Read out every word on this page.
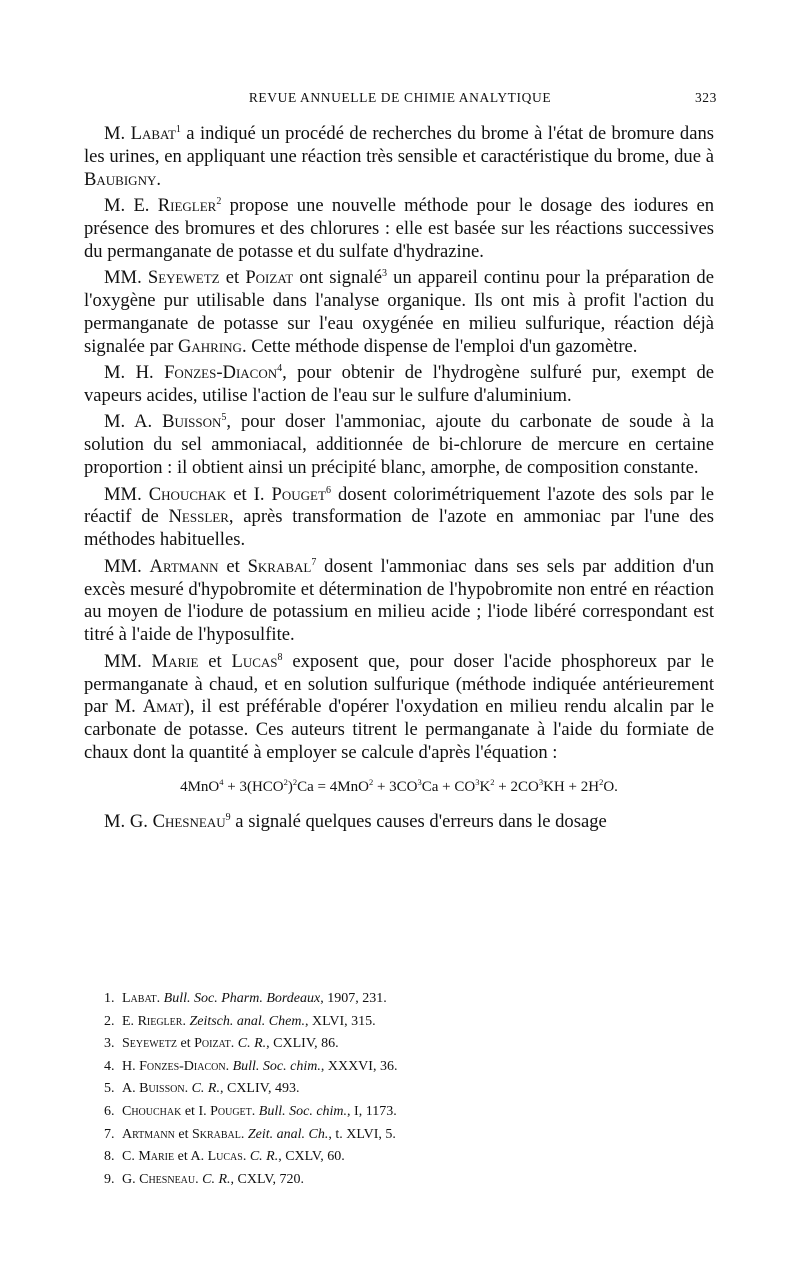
REVUE ANNUELLE DE CHIMIE ANALYTIQUE	323

M. Labat$^1$ a indiqué un procédé de recherches du brome à l'état de bromure dans les urines, en appliquant une réaction très sensible et caractéristique du brome, due à Baubigny.

M. E. Riegler$^2$ propose une nouvelle méthode pour le dosage des iodures en présence des bromures et des chlorures : elle est basée sur les réactions successives du permanganate de potasse et du sulfate d'hydrazine.

MM. Seyewetz et Poizat ont signalé$^3$ un appareil continu pour la préparation de l'oxygène pur utilisable dans l'analyse organique. Ils ont mis à profit l'action du permanganate de potasse sur l'eau oxygénée en milieu sulfurique, réaction déjà signalée par Gahring. Cette méthode dispense de l'emploi d'un gazomètre.

M. H. Fonzes-Diacon$^4$, pour obtenir de l'hydrogène sulfuré pur, exempt de vapeurs acides, utilise l'action de l'eau sur le sulfure d'aluminium.

M. A. Buisson$^5$, pour doser l'ammoniac, ajoute du carbonate de soude à la solution du sel ammoniacal, additionnée de bi-chlorure de mercure en certaine proportion : il obtient ainsi un précipité blanc, amorphe, de composition constante.

MM. Chouchak et I. Pouget$^6$ dosent colorimétriquement l'azote des sols par le réactif de Nessler, après transformation de l'azote en ammoniac par l'une des méthodes habituelles.

MM. Artmann et Skrabal$^7$ dosent l'ammoniac dans ses sels par addition d'un excès mesuré d'hypobromite et détermination de l'hypobromite non entré en réaction au moyen de l'iodure de potassium en milieu acide ; l'iode libéré correspondant est titré à l'aide de l'hyposulfite.

MM. Marie et Lucas$^8$ exposent que, pour doser l'acide phosphoreux par le permanganate à chaud, et en solution sulfurique (méthode indiquée antérieurement par M. Amat), il est préférable d'opérer l'oxydation en milieu rendu alcalin par le carbonate de potasse. Ces auteurs titrent le permanganate à l'aide du formiate de chaux dont la quantité à employer se calcule d'après l'équation :

$4MnO^4 + 3(HCO^2)^2Ca = 4MnO^2 + 3CO^3Ca + CO^3K^2 + 2CO^3KH + 2H^2O$.

M. G. Chesneau$^9$ a signalé quelques causes d'erreurs dans le dosage

1. Labat. Bull. Soc. Pharm. Bordeaux, 1907, 231.

2. E. Riegler. Zeitsch. anal. Chem., XLVI, 315.

3. Seyewetz et Poizat. C. R., CXLIV, 86.

4. H. Fonzes-Diacon. Bull. Soc. chim., XXXVI, 36.

5. A. Buisson. C. R., CXLIV, 493.

6. Chouchak et I. Pouget. Bull. Soc. chim., I, 1173.

7. Artmann et Skrabal. Zeit. anal. Ch., t. XLVI, 5.

8. C. Marie et A. Lucas. C. R., CXLV, 60.

9. G. Chesneau. C. R., CXLV, 720.
